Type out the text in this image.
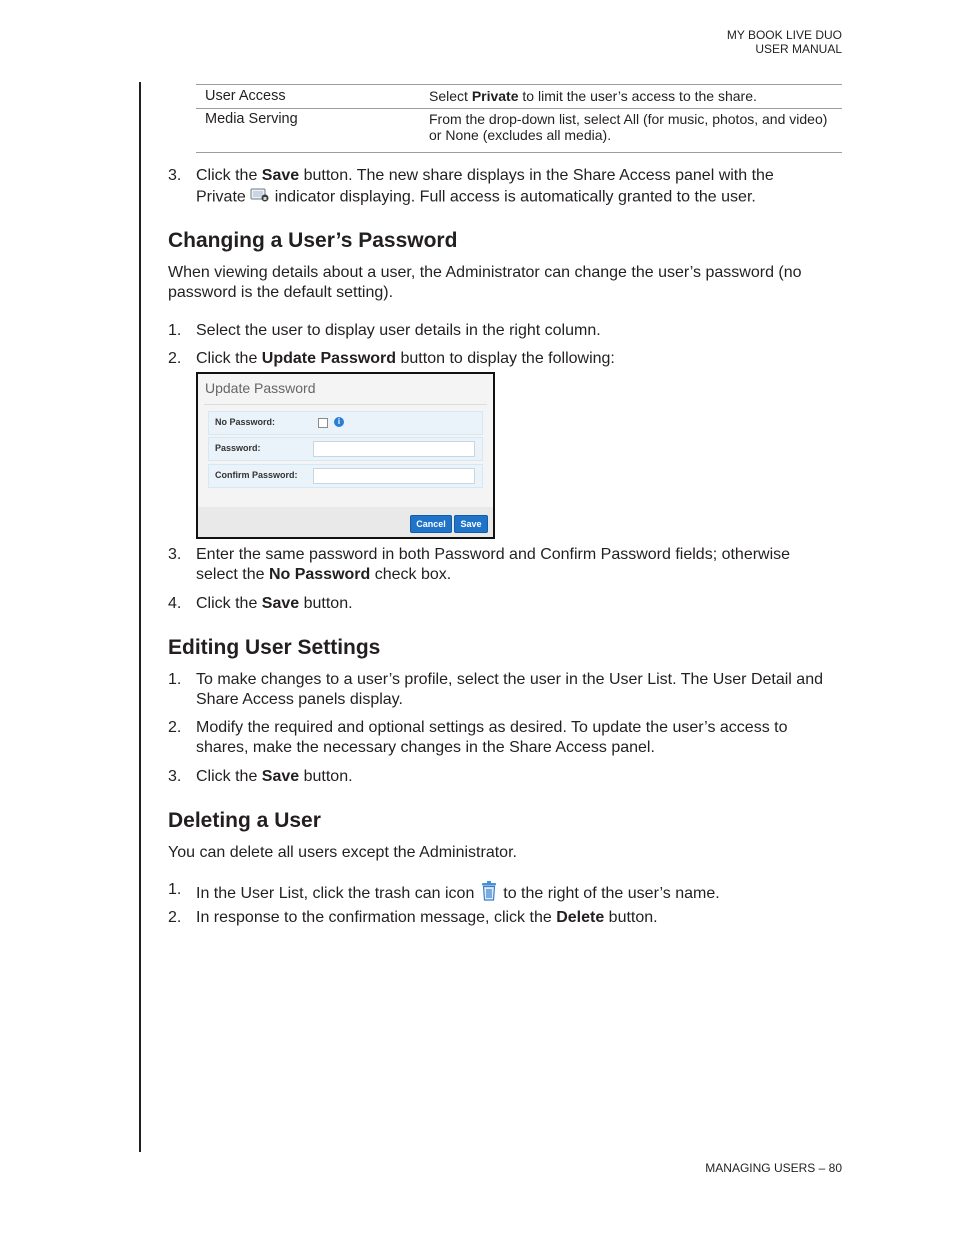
MY BOOK LIVE DUO
USER MANUAL
MANAGING USERS – 80
User Access	Select Private to limit the user’s access to the share.
Media Serving	From the drop-down list, select All (for music, photos, and video) or None (excludes all media).
3. Click the Save button. The new share displays in the Share Access panel with the Private  indicator displaying. Full access is automatically granted to the user.
Changing a User’s Password
When viewing details about a user, the Administrator can change the user’s password (no password is the default setting).
1. Select the user to display user details in the right column.
2. Click the Update Password button to display the following:
Update Password
No Password:	i
Password:
Confirm Password:
Cancel	Save
3. Enter the same password in both Password and Confirm Password fields; otherwise select the No Password check box.
4. Click the Save button.
Editing User Settings
1. To make changes to a user’s profile, select the user in the User List. The User Detail and Share Access panels display.
2. Modify the required and optional settings as desired. To update the user’s access to shares, make the necessary changes in the Share Access panel.
3. Click the Save button.
Deleting a User
You can delete all users except the Administrator.
1. In the User List, click the trash can icon  to the right of the user’s name.
2. In response to the confirmation message, click the Delete button.
